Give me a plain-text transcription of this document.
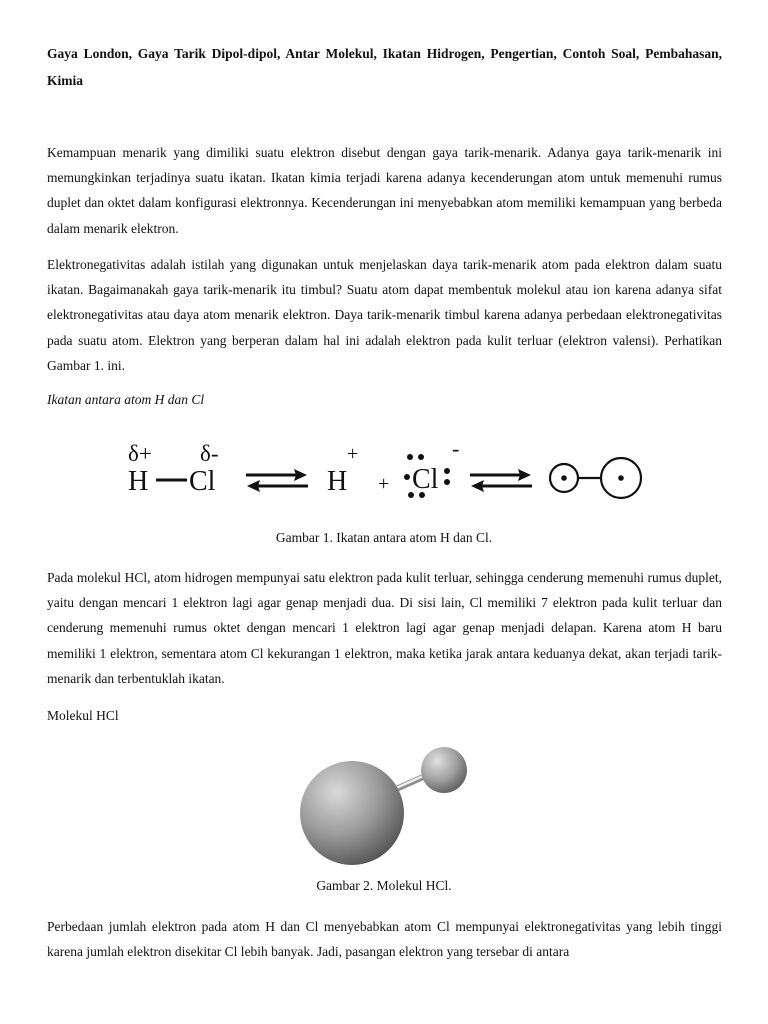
Gaya London, Gaya Tarik Dipol-dipol, Antar Molekul, Ikatan Hidrogen, Pengertian, Contoh Soal, Pembahasan, Kimia

Kemampuan menarik yang dimiliki suatu elektron disebut dengan gaya tarik-menarik. Adanya gaya tarik-menarik ini memungkinkan terjadinya suatu ikatan. Ikatan kimia terjadi karena adanya kecenderungan atom untuk memenuhi rumus duplet dan oktet dalam konfigurasi elektronnya. Kecenderungan ini menyebabkan atom memiliki kemampuan yang berbeda dalam menarik elektron.

Elektronegativitas adalah istilah yang digunakan untuk menjelaskan daya tarik-menarik atom pada elektron dalam suatu ikatan. Bagaimanakah gaya tarik-menarik itu timbul? Suatu atom dapat membentuk molekul atau ion karena adanya sifat elektronegativitas atau daya atom menarik elektron. Daya tarik-menarik timbul karena adanya perbedaan elektronegativitas pada suatu atom. Elektron yang berperan dalam hal ini adalah elektron pada kulit terluar (elektron valensi). Perhatikan Gambar 1. ini.

Ikatan antara atom H dan Cl

δ+ δ-
H Cl
+
H + Cl
-

Gambar 1. Ikatan antara atom H dan Cl.

Pada molekul HCl, atom hidrogen mempunyai satu elektron pada kulit terluar, sehingga cenderung memenuhi rumus duplet, yaitu dengan mencari 1 elektron lagi agar genap menjadi dua. Di sisi lain, Cl memiliki 7 elektron pada kulit terluar dan cenderung memenuhi rumus oktet dengan mencari 1 elektron lagi agar genap menjadi delapan. Karena atom H baru memiliki 1 elektron, sementara atom Cl kekurangan 1 elektron, maka ketika jarak antara keduanya dekat, akan terjadi tarik-menarik dan terbentuklah ikatan.

Molekul HCl

Gambar 2. Molekul HCl.

Perbedaan jumlah elektron pada atom H dan Cl menyebabkan atom Cl mempunyai elektronegativitas yang lebih tinggi karena jumlah elektron disekitar Cl lebih banyak. Jadi, pasangan elektron yang tersebar di antara
